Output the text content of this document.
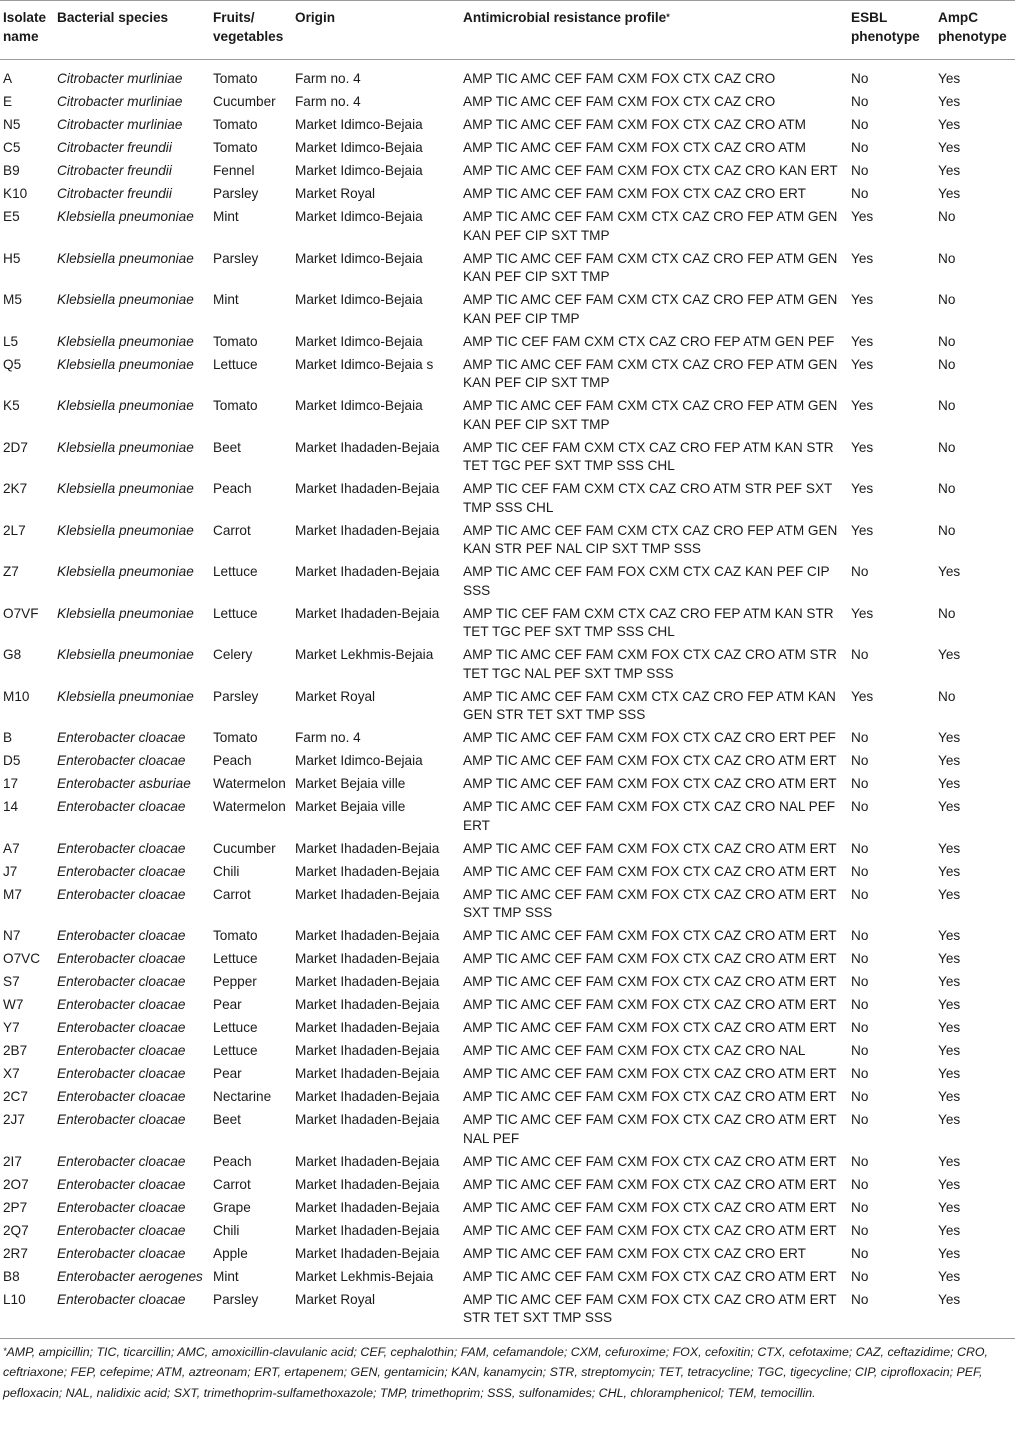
Isolate name	Bacterial species	Fruits/ vegetables	Origin	Antimicrobial resistance profile*	ESBL phenotype	AmpC phenotype
A	Citrobacter murliniae	Tomato	Farm no. 4	AMP TIC AMC CEF FAM CXM FOX CTX CAZ CRO	No	Yes
E	Citrobacter murliniae	Cucumber	Farm no. 4	AMP TIC AMC CEF FAM CXM FOX CTX CAZ CRO	No	Yes
N5	Citrobacter murliniae	Tomato	Market Idimco-Bejaia	AMP TIC AMC CEF FAM CXM FOX CTX CAZ CRO ATM	No	Yes
C5	Citrobacter freundii	Tomato	Market Idimco-Bejaia	AMP TIC AMC CEF FAM CXM FOX CTX CAZ CRO ATM	No	Yes
B9	Citrobacter freundii	Fennel	Market Idimco-Bejaia	AMP TIC AMC CEF FAM CXM FOX CTX CAZ CRO KAN ERT	No	Yes
K10	Citrobacter freundii	Parsley	Market Royal	AMP TIC AMC CEF FAM CXM FOX CTX CAZ CRO ERT	No	Yes
E5	Klebsiella pneumoniae	Mint	Market Idimco-Bejaia	AMP TIC AMC CEF FAM CXM CTX CAZ CRO FEP ATM GEN KAN PEF CIP SXT TMP	Yes	No
H5	Klebsiella pneumoniae	Parsley	Market Idimco-Bejaia	AMP TIC AMC CEF FAM CXM CTX CAZ CRO FEP ATM GEN KAN PEF CIP SXT TMP	Yes	No
M5	Klebsiella pneumoniae	Mint	Market Idimco-Bejaia	AMP TIC AMC CEF FAM CXM CTX CAZ CRO FEP ATM GEN KAN PEF CIP TMP	Yes	No
L5	Klebsiella pneumoniae	Tomato	Market Idimco-Bejaia	AMP TIC CEF FAM CXM CTX CAZ CRO FEP ATM GEN PEF	Yes	No
Q5	Klebsiella pneumoniae	Lettuce	Market Idimco-Bejaia s	AMP TIC AMC CEF FAM CXM CTX CAZ CRO FEP ATM GEN KAN PEF CIP SXT TMP	Yes	No
K5	Klebsiella pneumoniae	Tomato	Market Idimco-Bejaia	AMP TIC AMC CEF FAM CXM CTX CAZ CRO FEP ATM GEN KAN PEF CIP SXT TMP	Yes	No
2D7	Klebsiella pneumoniae	Beet	Market Ihadaden-Bejaia	AMP TIC CEF FAM CXM CTX CAZ CRO FEP ATM KAN STR TET TGC PEF SXT TMP SSS CHL	Yes	No
2K7	Klebsiella pneumoniae	Peach	Market Ihadaden-Bejaia	AMP TIC CEF FAM CXM CTX CAZ CRO ATM STR PEF SXT TMP SSS CHL	Yes	No
2L7	Klebsiella pneumoniae	Carrot	Market Ihadaden-Bejaia	AMP TIC AMC CEF FAM CXM CTX CAZ CRO FEP ATM GEN KAN STR PEF NAL CIP SXT TMP SSS	Yes	No
Z7	Klebsiella pneumoniae	Lettuce	Market Ihadaden-Bejaia	AMP TIC AMC CEF FAM FOX CXM CTX CAZ KAN PEF CIP SSS	No	Yes
O7VF	Klebsiella pneumoniae	Lettuce	Market Ihadaden-Bejaia	AMP TIC CEF FAM CXM CTX CAZ CRO FEP ATM KAN STR TET TGC PEF SXT TMP SSS CHL	Yes	No
G8	Klebsiella pneumoniae	Celery	Market Lekhmis-Bejaia	AMP TIC AMC CEF FAM CXM FOX CTX CAZ CRO ATM STR TET TGC NAL PEF SXT TMP SSS	No	Yes
M10	Klebsiella pneumoniae	Parsley	Market Royal	AMP TIC AMC CEF FAM CXM CTX CAZ CRO FEP ATM KAN GEN STR TET SXT TMP SSS	Yes	No
B	Enterobacter cloacae	Tomato	Farm no. 4	AMP TIC AMC CEF FAM CXM FOX CTX CAZ CRO ERT PEF	No	Yes
D5	Enterobacter cloacae	Peach	Market Idimco-Bejaia	AMP TIC AMC CEF FAM CXM FOX CTX CAZ CRO ATM ERT	No	Yes
17	Enterobacter asburiae	Watermelon	Market Bejaia ville	AMP TIC AMC CEF FAM CXM FOX CTX CAZ CRO ATM ERT	No	Yes
14	Enterobacter cloacae	Watermelon	Market Bejaia ville	AMP TIC AMC CEF FAM CXM FOX CTX CAZ CRO NAL PEF ERT	No	Yes
A7	Enterobacter cloacae	Cucumber	Market Ihadaden-Bejaia	AMP TIC AMC CEF FAM CXM FOX CTX CAZ CRO ATM ERT	No	Yes
J7	Enterobacter cloacae	Chili	Market Ihadaden-Bejaia	AMP TIC AMC CEF FAM CXM FOX CTX CAZ CRO ATM ERT	No	Yes
M7	Enterobacter cloacae	Carrot	Market Ihadaden-Bejaia	AMP TIC AMC CEF FAM CXM FOX CTX CAZ CRO ATM ERT SXT TMP SSS	No	Yes
N7	Enterobacter cloacae	Tomato	Market Ihadaden-Bejaia	AMP TIC AMC CEF FAM CXM FOX CTX CAZ CRO ATM ERT	No	Yes
O7VC	Enterobacter cloacae	Lettuce	Market Ihadaden-Bejaia	AMP TIC AMC CEF FAM CXM FOX CTX CAZ CRO ATM ERT	No	Yes
S7	Enterobacter cloacae	Pepper	Market Ihadaden-Bejaia	AMP TIC AMC CEF FAM CXM FOX CTX CAZ CRO ATM ERT	No	Yes
W7	Enterobacter cloacae	Pear	Market Ihadaden-Bejaia	AMP TIC AMC CEF FAM CXM FOX CTX CAZ CRO ATM ERT	No	Yes
Y7	Enterobacter cloacae	Lettuce	Market Ihadaden-Bejaia	AMP TIC AMC CEF FAM CXM FOX CTX CAZ CRO ATM ERT	No	Yes
2B7	Enterobacter cloacae	Lettuce	Market Ihadaden-Bejaia	AMP TIC AMC CEF FAM CXM FOX CTX CAZ CRO NAL	No	Yes
X7	Enterobacter cloacae	Pear	Market Ihadaden-Bejaia	AMP TIC AMC CEF FAM CXM FOX CTX CAZ CRO ATM ERT	No	Yes
2C7	Enterobacter cloacae	Nectarine	Market Ihadaden-Bejaia	AMP TIC AMC CEF FAM CXM FOX CTX CAZ CRO ATM ERT	No	Yes
2J7	Enterobacter cloacae	Beet	Market Ihadaden-Bejaia	AMP TIC AMC CEF FAM CXM FOX CTX CAZ CRO ATM ERT NAL PEF	No	Yes
2I7	Enterobacter cloacae	Peach	Market Ihadaden-Bejaia	AMP TIC AMC CEF FAM CXM FOX CTX CAZ CRO ATM ERT	No	Yes
2O7	Enterobacter cloacae	Carrot	Market Ihadaden-Bejaia	AMP TIC AMC CEF FAM CXM FOX CTX CAZ CRO ATM ERT	No	Yes
2P7	Enterobacter cloacae	Grape	Market Ihadaden-Bejaia	AMP TIC AMC CEF FAM CXM FOX CTX CAZ CRO ATM ERT	No	Yes
2Q7	Enterobacter cloacae	Chili	Market Ihadaden-Bejaia	AMP TIC AMC CEF FAM CXM FOX CTX CAZ CRO ATM ERT	No	Yes
2R7	Enterobacter cloacae	Apple	Market Ihadaden-Bejaia	AMP TIC AMC CEF FAM CXM FOX CTX CAZ CRO ERT	No	Yes
B8	Enterobacter aerogenes	Mint	Market Lekhmis-Bejaia	AMP TIC AMC CEF FAM CXM FOX CTX CAZ CRO ATM ERT	No	Yes
L10	Enterobacter cloacae	Parsley	Market Royal	AMP TIC AMC CEF FAM CXM FOX CTX CAZ CRO ATM ERT STR TET SXT TMP SSS	No	Yes
*AMP, ampicillin; TIC, ticarcillin; AMC, amoxicillin-clavulanic acid; CEF, cephalothin; FAM, cefamandole; CXM, cefuroxime; FOX, cefoxitin; CTX, cefotaxime; CAZ, ceftazidime; CRO, ceftriaxone; FEP, cefepime; ATM, aztreonam; ERT, ertapenem; GEN, gentamicin; KAN, kanamycin; STR, streptomycin; TET, tetracycline; TGC, tigecycline; CIP, ciprofloxacin; PEF, pefloxacin; NAL, nalidixic acid; SXT, trimethoprim-sulfamethoxazole; TMP, trimethoprim; SSS, sulfonamides; CHL, chloramphenicol; TEM, temocillin.
